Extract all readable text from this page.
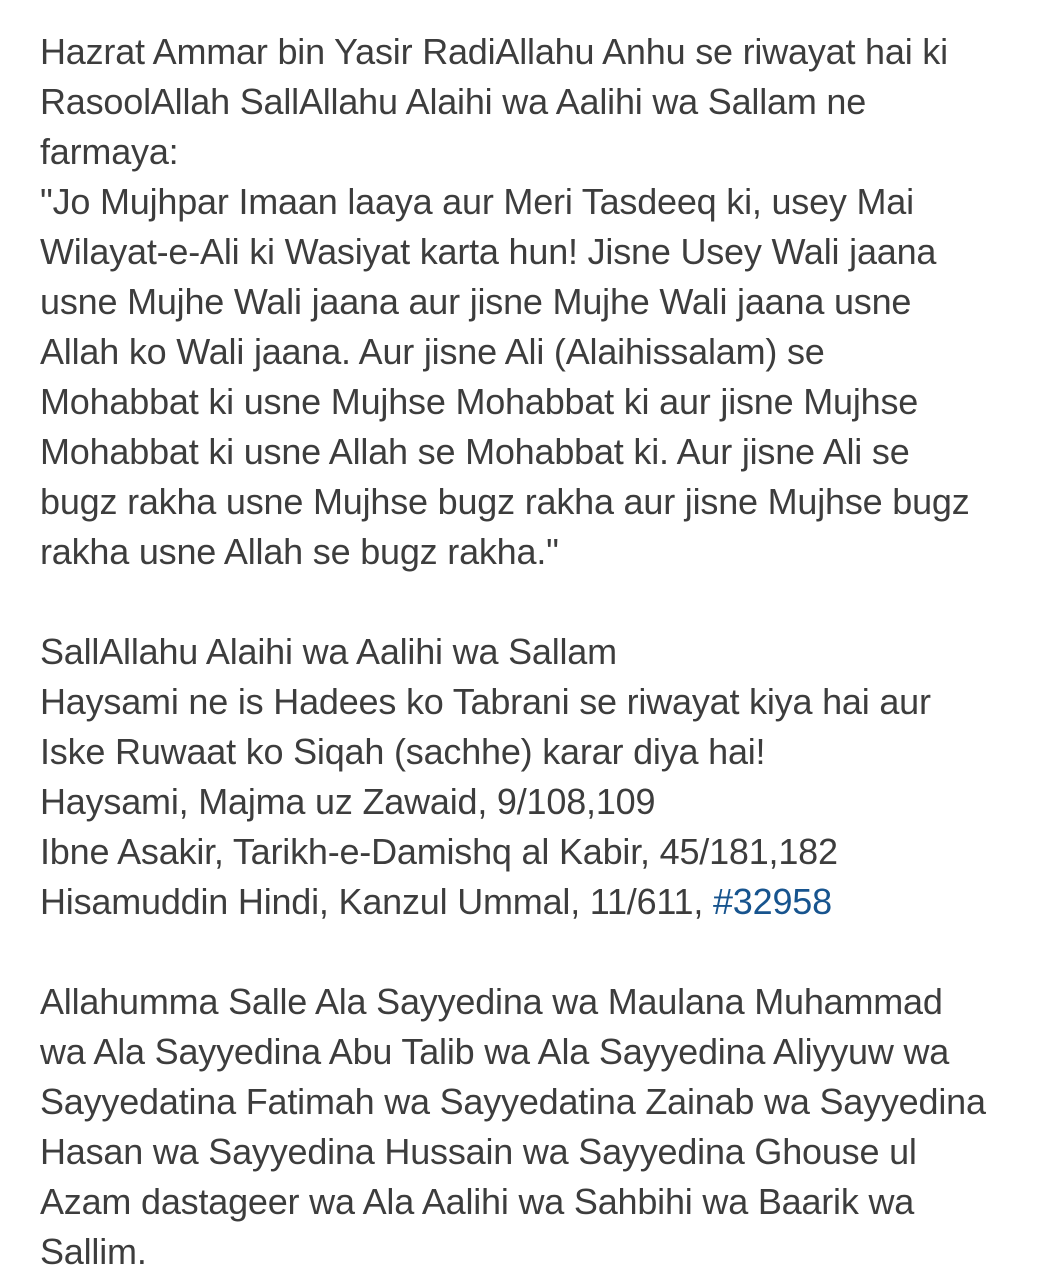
Hazrat Ammar bin Yasir RadiAllahu Anhu se riwayat hai ki
RasoolAllah SallAllahu Alaihi wa Aalihi wa Sallam ne
farmaya:
"Jo Mujhpar Imaan laaya aur Meri Tasdeeq ki, usey Mai
Wilayat-e-Ali ki Wasiyat karta hun! Jisne Usey Wali jaana
usne Mujhe Wali jaana aur jisne Mujhe Wali jaana usne
Allah ko Wali jaana. Aur jisne Ali (Alaihissalam) se
Mohabbat ki usne Mujhse Mohabbat ki aur jisne Mujhse
Mohabbat ki usne Allah se Mohabbat ki. Aur jisne Ali se
bugz rakha usne Mujhse bugz rakha aur jisne Mujhse bugz
rakha usne Allah se bugz rakha."
SallAllahu Alaihi wa Aalihi wa Sallam
Haysami ne is Hadees ko Tabrani se riwayat kiya hai aur
Iske Ruwaat ko Siqah (sachhe) karar diya hai!
Haysami, Majma uz Zawaid, 9/108,109
Ibne Asakir, Tarikh-e-Damishq al Kabir, 45/181,182
Hisamuddin Hindi, Kanzul Ummal, 11/611, #32958
Allahumma Salle Ala Sayyedina wa Maulana Muhammad
wa Ala Sayyedina Abu Talib wa Ala Sayyedina Aliyyuw wa
Sayyedatina Fatimah wa Sayyedatina Zainab wa Sayyedina
Hasan wa Sayyedina Hussain wa Sayyedina Ghouse ul
Azam dastageer wa Ala Aalihi wa Sahbihi wa Baarik wa
Sallim.
